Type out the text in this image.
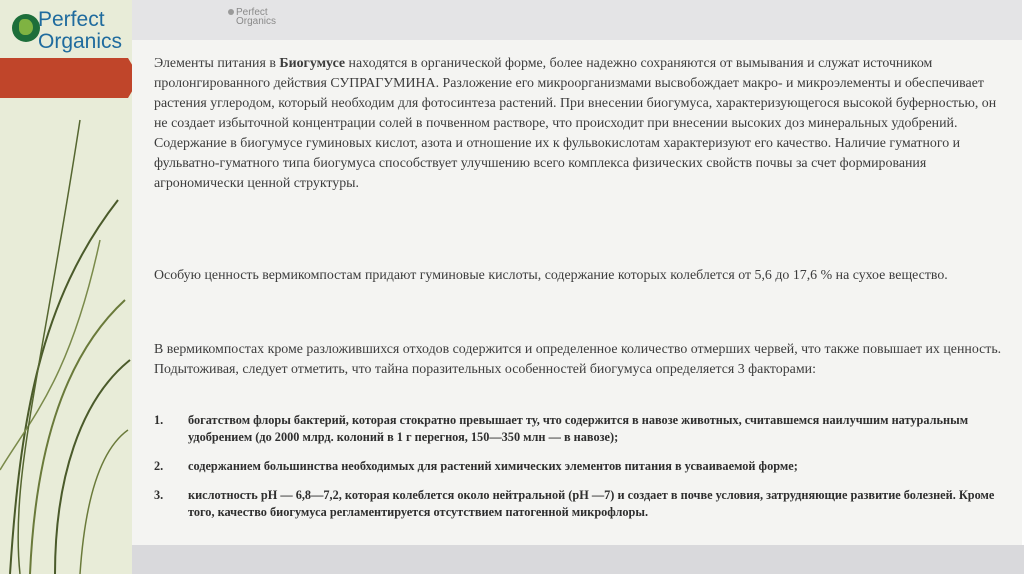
Perfect
Organics
Perfect
Organics

Элементы питания в Биогумусе находятся в органической форме, более надежно сохраняются от вымывания и служат источником пролонгированного действия СУПРАГУМИНА. Разложение его микроорганизмами высвобождает макро- и микроэлементы и обеспечивает растения углеродом, который необходим для фотосинтеза растений. При внесении биогумуса, характеризующегося высокой буферностью, он не создает избыточной концентрации солей в почвенном растворе, что происходит при внесении высоких доз минеральных удобрений. Содержание в биогумусе гуминовых кислот, азота и отношение их к фульвокислотам характеризуют его качество. Наличие гуматного и фульватно-гуматного типа биогумуса способствует улучшению всего комплекса физических свойств почвы за счет формирования агрономически ценной структуры.

Особую ценность вермикомпостам придают гуминовые кислоты, содержание которых колеблется от 5,6 до 17,6 % на сухое вещество.

В вермикомпостах кроме разложившихся отходов содержится и определенное количество отмерших червей, что также повышает их ценность. Подытоживая, следует отметить, что тайна поразительных особенностей биогумуса определяется 3 факторами:

1. богатством флоры бактерий, которая стократно превышает ту, что содержится в навозе животных, считавшемся наилучшим натуральным удобрением (до 2000 млрд. колоний в 1 г перегноя, 150—350 млн — в навозе);
2. содержанием большинства необходимых для растений химических элементов питания в усваиваемой форме;
3. кислотность pH — 6,8—7,2, которая колеблется около нейтральной (pH —7) и создает в почве условия, затрудняющие развитие болезней. Кроме того, качество биогумуса регламентируется отсутствием патогенной микрофлоры.
